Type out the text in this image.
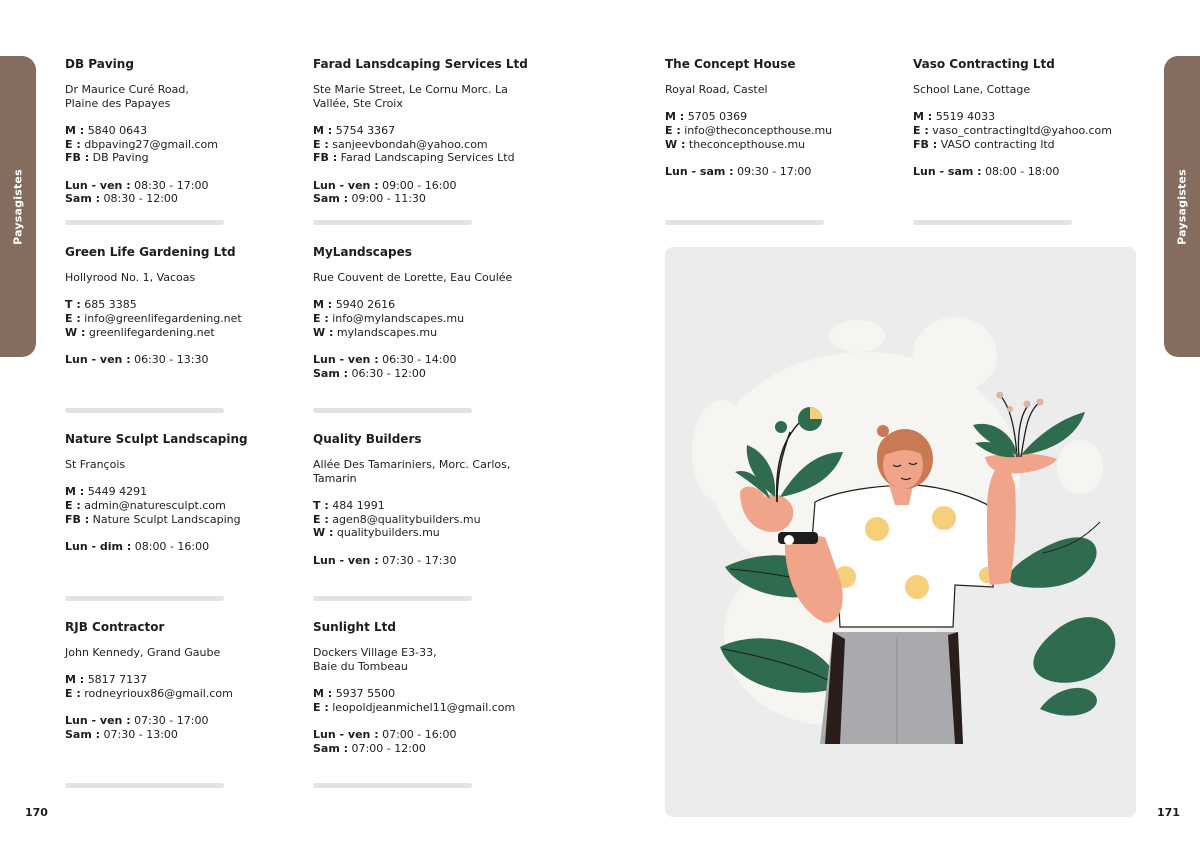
Paysagistes	Paysagistes
DB Paving
Dr Maurice Curé Road,
Plaine des Papayes
M : 5840 0643
E : dbpaving27@gmail.com
FB : DB Paving
Lun - ven : 08:30 - 17:00
Sam : 08:30 - 12:00
Green Life Gardening Ltd
Hollyrood No. 1, Vacoas
T : 685 3385
E : info@greenlifegardening.net
W : greenlifegardening.net
Lun - ven : 06:30 - 13:30
Nature Sculpt Landscaping
St François
M : 5449 4291
E : admin@naturesculpt.com
FB : Nature Sculpt Landscaping
Lun - dim : 08:00 - 16:00
RJB Contractor
John Kennedy, Grand Gaube
M : 5817 7137
E : rodneyrioux86@gmail.com
Lun - ven : 07:30 - 17:00
Sam : 07:30 - 13:00
Farad Lansdcaping Services Ltd
Ste Marie Street, Le Cornu Morc. La
Vallée, Ste Croix
M : 5754 3367
E : sanjeevbondah@yahoo.com
FB : Farad Landscaping Services Ltd
Lun - ven : 09:00 - 16:00
Sam : 09:00 - 11:30
MyLandscapes
Rue Couvent de Lorette, Eau Coulée
M : 5940 2616
E : info@mylandscapes.mu
W : mylandscapes.mu
Lun - ven : 06:30 - 14:00
Sam : 06:30 - 12:00
Quality Builders
Allée Des Tamariniers, Morc. Carlos,
Tamarin
T : 484 1991
E : agen8@qualitybuilders.mu
W : qualitybuilders.mu
Lun - ven : 07:30 - 17:30
Sunlight Ltd
Dockers Village E3-33,
Baie du Tombeau
M : 5937 5500
E : leopoldjeanmichel11@gmail.com
Lun - ven : 07:00 - 16:00
Sam : 07:00 - 12:00
The Concept House
Royal Road, Castel
M : 5705 0369
E : info@theconcepthouse.mu
W : theconcepthouse.mu
Lun - sam : 09:30 - 17:00
Vaso Contracting Ltd
School Lane, Cottage
M : 5519 4033
E : vaso_contractingltd@yahoo.com
FB : VASO contracting ltd
Lun - sam : 08:00 - 18:00
170	171
